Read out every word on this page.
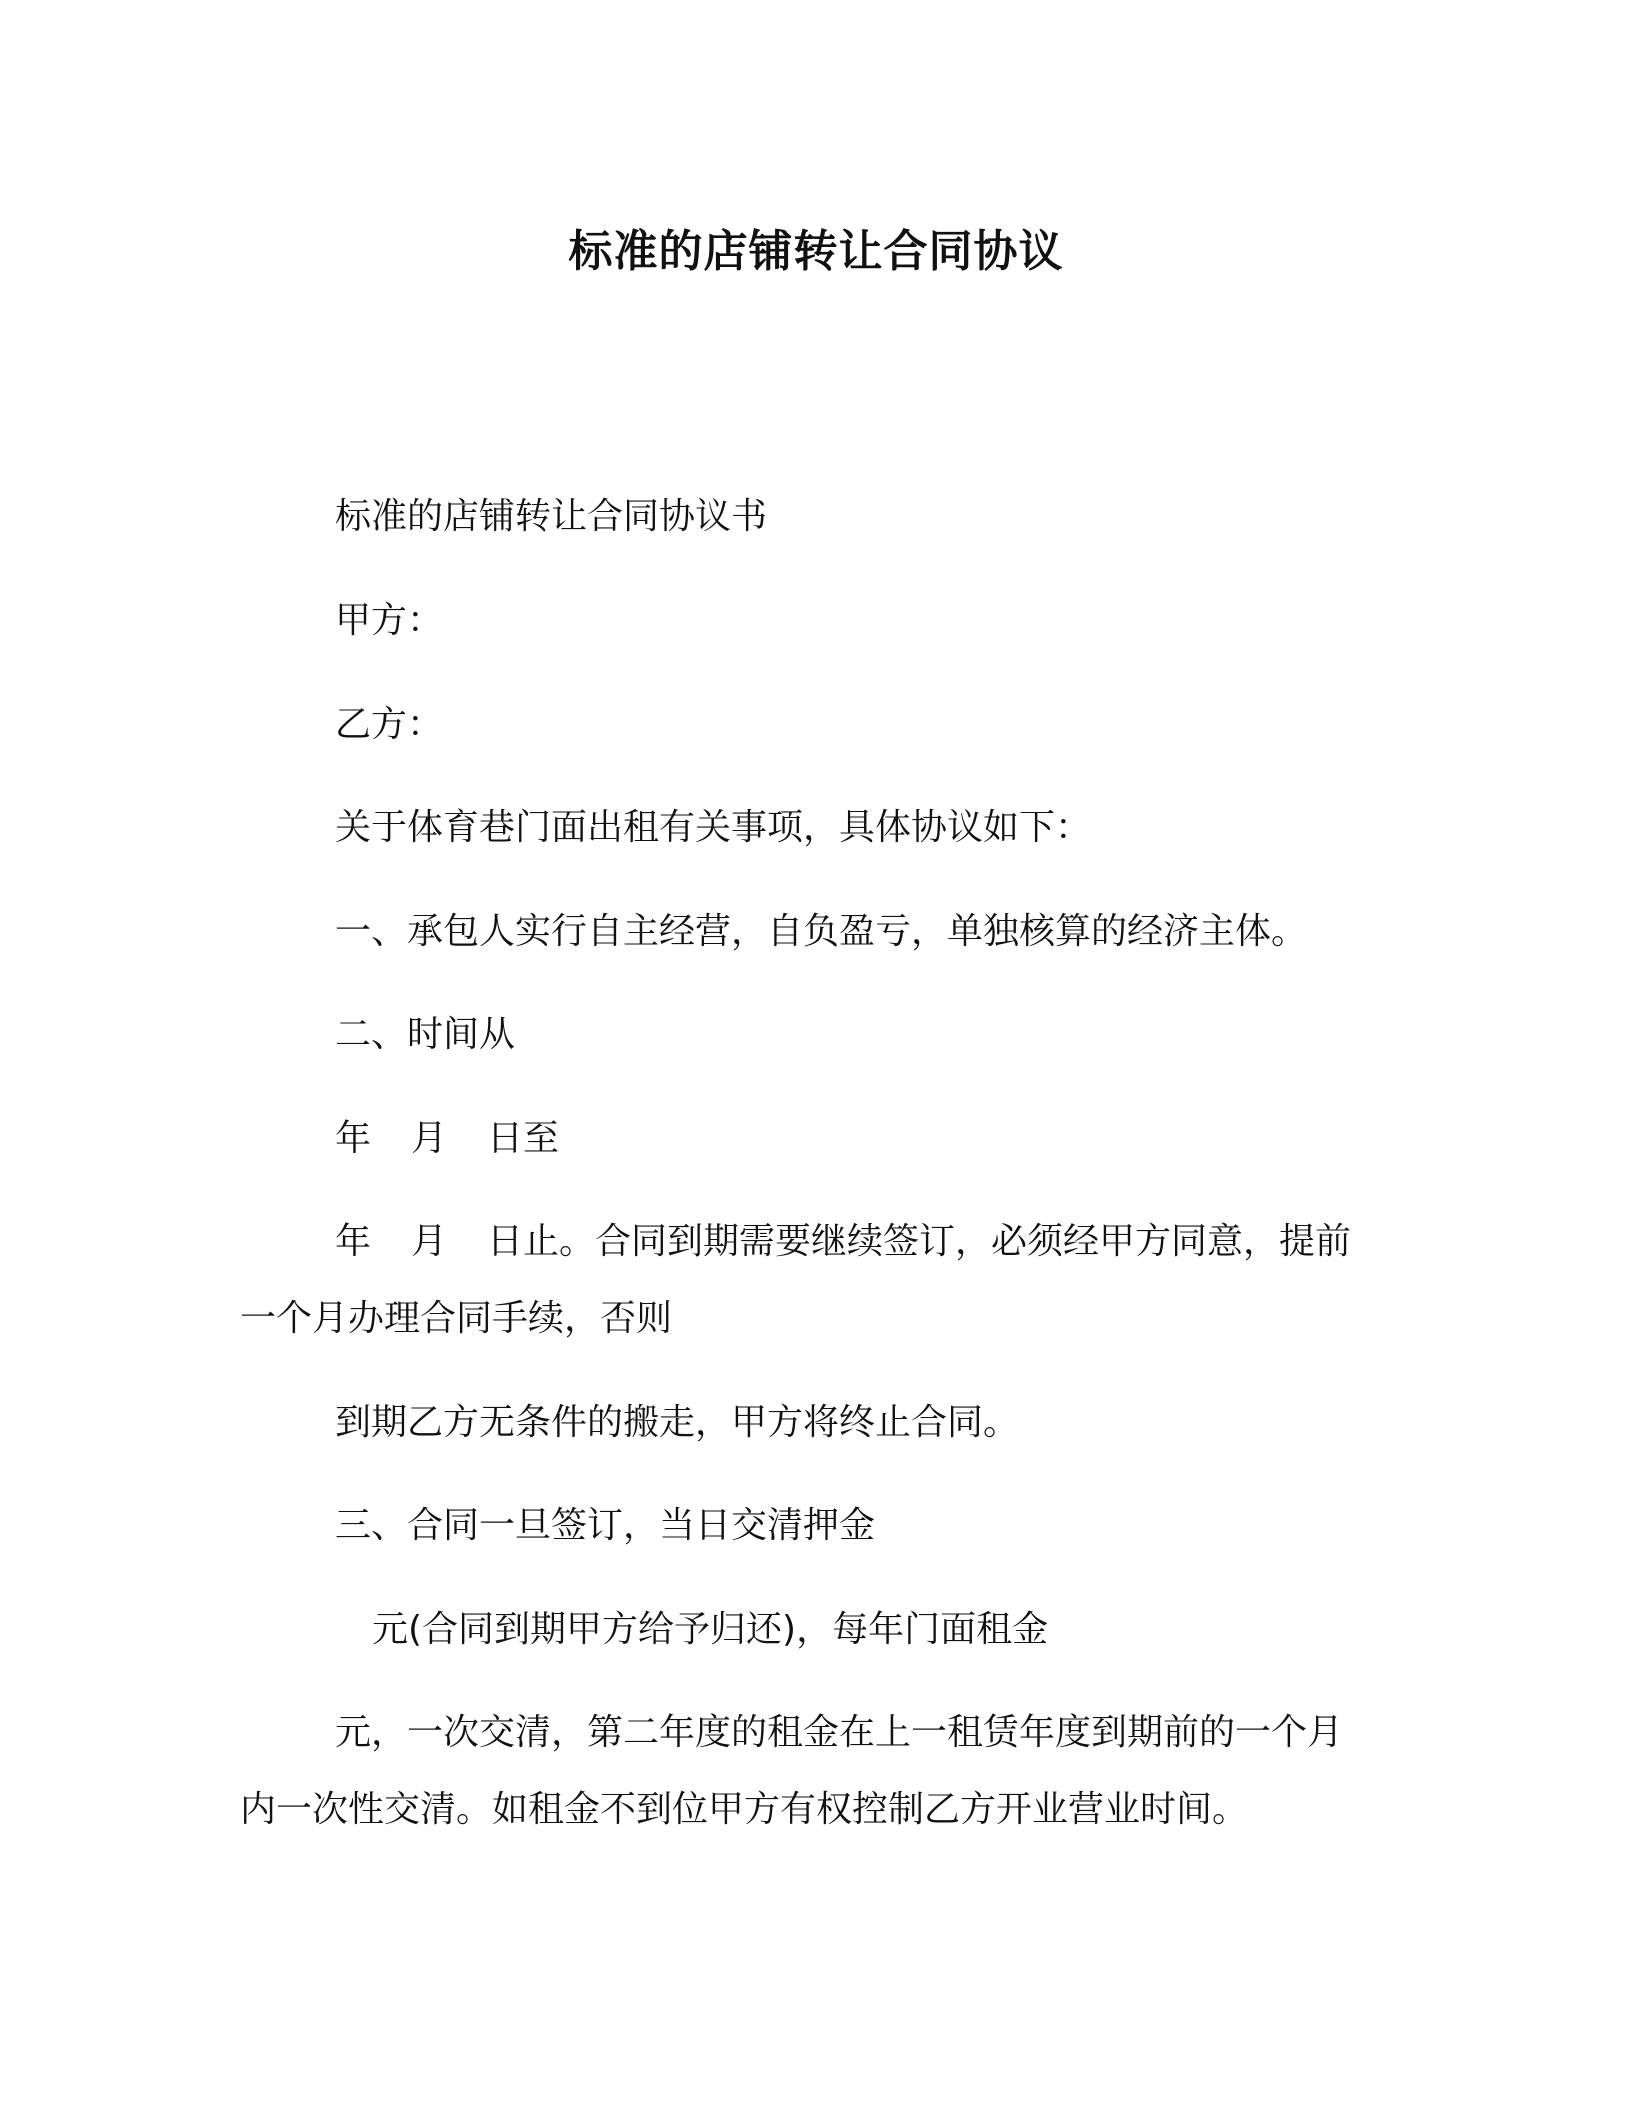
标准的店铺转让合同协议
标准的店铺转让合同协议书
甲方：
乙方：
关于体育巷门面出租有关事项，具体协议如下：
一、承包人实行自主经营，自负盈亏，单独核算的经济主体。
二、时间从
年 月 日至
年 月 日止。合同到期需要继续签订，必须经甲方同意，提前
一个月办理合同手续，否则
到期乙方无条件的搬走，甲方将终止合同。
三、合同一旦签订，当日交清押金
元(合同到期甲方给予归还)，每年门面租金
元，一次交清，第二年度的租金在上一租赁年度到期前的一个月
内一次性交清。如租金不到位甲方有权控制乙方开业营业时间。
